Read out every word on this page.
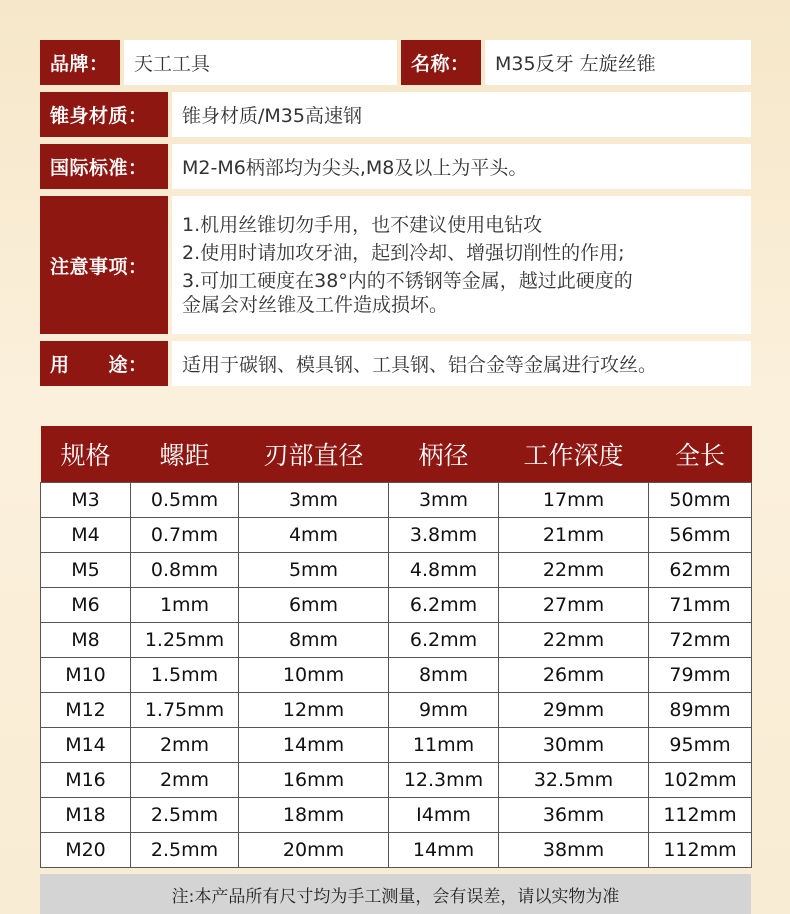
品牌：	天工工具	名称：	M35反牙 左旋丝锥
锥身材质：	锥身材质/M35高速钢
国际标准：	M2-M6柄部均为尖头,M8及以上为平头。
注意事项：
1.机用丝锥切勿手用，也不建议使用电钻攻
2.使用时请加攻牙油，起到冷却、增强切削性的作用;
3.可加工硬度在38°内的不锈钢等金属，越过此硬度的
金属会对丝锥及工件造成损坏。
用　　途：	适用于碳钢、模具钢、工具钢、铝合金等金属进行攻丝。
规格	螺距	刃部直径	柄径	工作深度	全长
M3	0.5mm	3mm	3mm	17mm	50mm
M4	0.7mm	4mm	3.8mm	21mm	56mm
M5	0.8mm	5mm	4.8mm	22mm	62mm
M6	1mm	6mm	6.2mm	27mm	71mm
M8	1.25mm	8mm	6.2mm	22mm	72mm
M10	1.5mm	10mm	8mm	26mm	79mm
M12	1.75mm	12mm	9mm	29mm	89mm
M14	2mm	14mm	11mm	30mm	95mm
M16	2mm	16mm	12.3mm	32.5mm	102mm
M18	2.5mm	18mm	I4mm	36mm	112mm
M20	2.5mm	20mm	14mm	38mm	112mm
注:本产品所有尺寸均为手工测量，会有误差，请以实物为准
